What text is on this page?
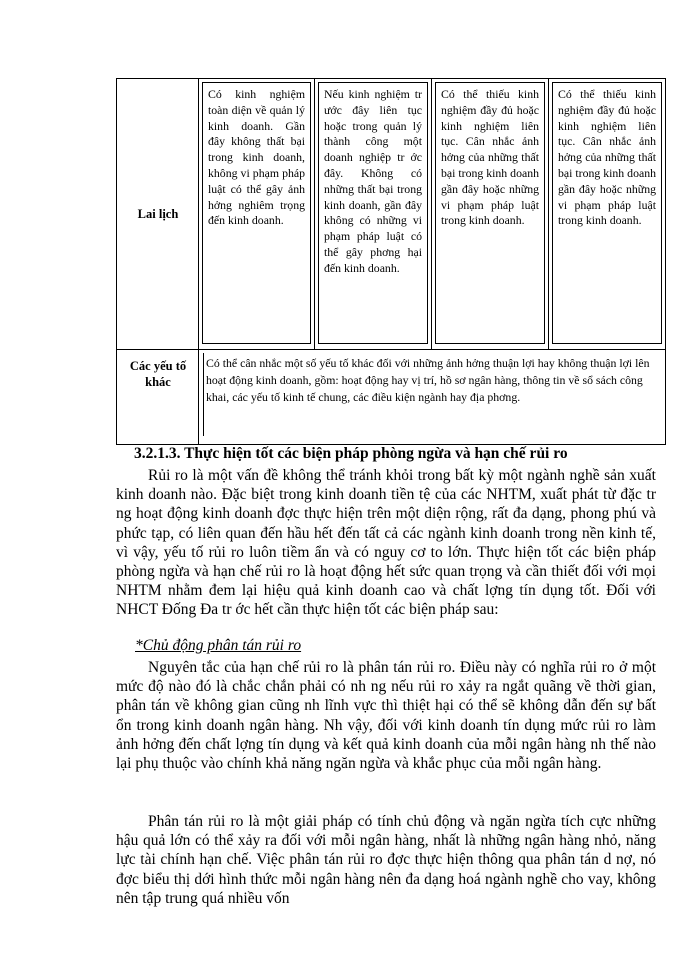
Lai lịch	Có kinh nghiệm toàn diện về quản lý kinh doanh. Gần đây không thất bại trong kinh doanh, không vi phạm pháp luật có thể gây ảnh hởng nghiêm trọng đến kinh doanh.	Nếu kinh nghiệm tr ước đây liên tục hoặc trong quản lý thành công một doanh nghiệp tr ớc đây. Không có những thất bại trong kinh doanh, gần đây không có những vi phạm pháp luật có thể gây phơng hại đến kinh doanh.	Có thể thiếu kinh nghiệm đầy đủ hoặc kinh nghiệm liên tục. Cân nhắc ảnh hởng của những thất bại trong kinh doanh gần đây hoặc những vi phạm pháp luật trong kinh doanh.	Có thể thiếu kinh nghiệm đầy đủ hoặc kinh nghiệm liên tục. Cân nhắc ảnh hởng của những thất bại trong kinh doanh gần đây hoặc những vi phạm pháp luật trong kinh doanh.

Các yếu tố khác	Có thể cân nhắc một số yếu tố khác đối với những ảnh hởng thuận lợi hay không thuận lợi lên hoạt động kinh doanh, gồm: hoạt động hay vị trí, hồ sơ ngân hàng, thông tin về sổ sách công khai, các yếu tố kinh tế chung, các điều kiện ngành hay địa phơng.			
3.2.1.3. Thực hiện tốt các biện pháp phòng ngừa và hạn chế rủi ro

Rủi ro là một vấn đề không thể tránh khỏi trong bất kỳ một ngành nghề sản xuất kinh doanh nào. Đặc biệt trong kinh doanh tiền tệ của các NHTM, xuất phát từ đặc tr ng hoạt động kinh doanh đợc thực hiện trên một diện rộng, rất đa dạng, phong phú và phức tạp, có liên quan đến hầu hết đến tất cả các ngành kinh doanh trong nền kinh tế, vì vậy, yếu tố rủi ro luôn tiềm ẩn và có nguy cơ to lớn. Thực hiện tốt các biện pháp phòng ngừa và hạn chế rủi ro là hoạt động hết sức quan trọng và cần thiết đối với mọi NHTM nhằm đem lại hiệu quả kinh doanh cao và chất lợng tín dụng tốt. Đối với NHCT Đống Đa tr ớc hết cần thực hiện tốt các biện pháp sau:

*Chủ động phân tán rủi ro

Nguyên tắc của hạn chế rủi ro là phân tán rủi ro. Điều này có nghĩa rủi ro ở một mức độ nào đó là chắc chắn phải có nh ng nếu rủi ro xảy ra ngắt quãng về thời gian, phân tán về không gian cũng nh lĩnh vực thì thiệt hại có thể sẽ không dẫn đến sự bất ổn trong kinh doanh ngân hàng. Nh vậy, đối với kinh doanh tín dụng mức rủi ro làm ảnh hởng đến chất lợng tín dụng và kết quả kinh doanh của mỗi ngân hàng nh thế nào lại phụ thuộc vào chính khả năng ngăn ngừa và khắc phục của mỗi ngân hàng.

Phân tán rủi ro là một giải pháp có tính chủ động và ngăn ngừa tích cực những hậu quả lớn có thể xảy ra đối với mỗi ngân hàng, nhất là những ngân hàng nhỏ, năng lực tài chính hạn chế. Việc phân tán rủi ro đợc thực hiện thông qua phân tán d nợ, nó đợc biểu thị dới hình thức mỗi ngân hàng nên đa dạng hoá ngành nghề cho vay, không nên tập trung quá nhiều vốn
